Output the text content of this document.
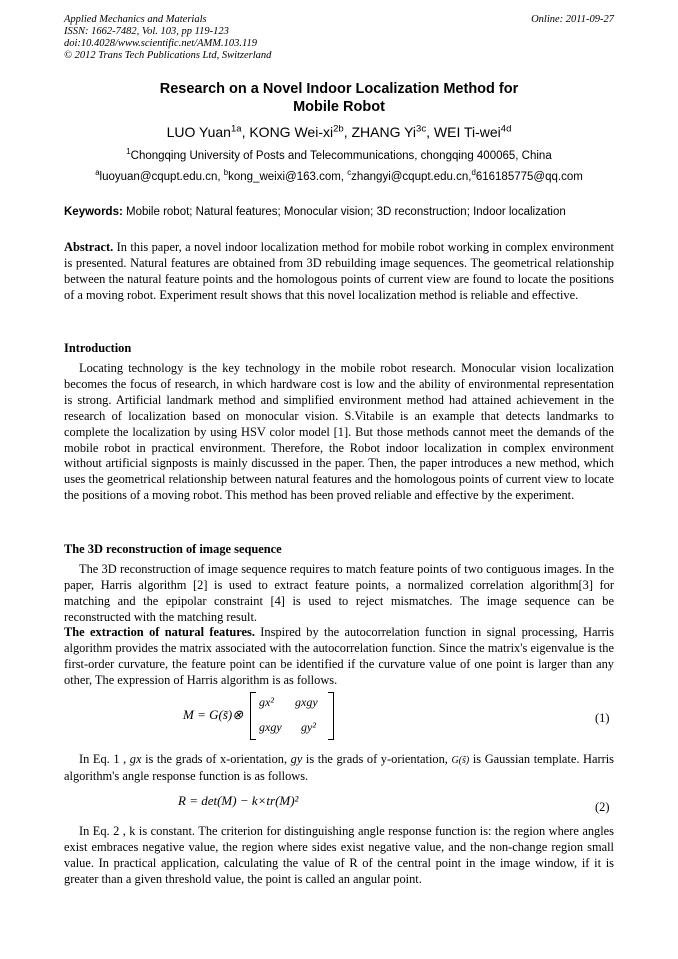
Applied Mechanics and Materials
ISSN: 1662-7482, Vol. 103, pp 119-123
doi:10.4028/www.scientific.net/AMM.103.119
© 2012 Trans Tech Publications Ltd, Switzerland
Online: 2011-09-27
Research on a Novel Indoor Localization Method for
Mobile Robot
LUO Yuan$^{1a}$, KONG Wei-$xi^{2b}$, ZHANG $Yi^{3c}$, WEI Ti-wei$^{4d}$
$^1$Chongqing University of Posts and Telecommunications, chongqing 400065, China
$^a$luoyuan@cqupt.edu.cn, $^b$kong_weixi@163.com, $^c$zhangyi@cqupt.edu.cn,$^d$616185775@qq.com
Keywords: Mobile robot; Natural features; Monocular vision; 3D reconstruction; Indoor localization
Abstract. In this paper, a novel indoor localization method for mobile robot working in complex environment is presented. Natural features are obtained from 3D rebuilding image sequences. The geometrical relationship between the natural feature points and the homologous points of current view are found to locate the positions of a moving robot. Experiment result shows that this novel localization method is reliable and effective.
Introduction
Locating technology is the key technology in the mobile robot research. Monocular vision localization becomes the focus of research, in which hardware cost is low and the ability of environmental representation is strong. Artificial landmark method and simplified environment method had attained achievement in the research of localization based on monocular vision. S.Vitabile is an example that detects landmarks to complete the localization by using HSV color model [1]. But those methods cannot meet the demands of the mobile robot in practical environment. Therefore, the Robot indoor localization in complex environment without artificial signposts is mainly discussed in the paper. Then, the paper introduces a new method, which uses the geometrical relationship between natural features and the homologous points of current view to locate the positions of a moving robot. This method has been proved reliable and effective by the experiment.
The 3D reconstruction of image sequence
The 3D reconstruction of image sequence requires to match feature points of two contiguous images. In the paper, Harris algorithm [2] is used to extract feature points, a normalized correlation algorithm[3] for matching and the epipolar constraint [4] is used to reject mismatches. The image sequence can be reconstructed with the matching result.
The extraction of natural features. Inspired by the autocorrelation function in signal processing, Harris algorithm provides the matrix associated with the autocorrelation function. Since the matrix's eigenvalue is the first-order curvature, the feature point can be identified if the curvature value of one point is larger than any other, The expression of Harris algorithm is as follows.
M = G(s̃)⊗
gx² gxgy
gxgy gy²
(1)
In Eq. 1 , gx is the grads of x-orientation, gy is the grads of y-orientation, G(s̃) is Gaussian template. Harris algorithm's angle response function is as follows.
R = det(M) − k×tr(M)²	(2)
In Eq. 2 , k is constant. The criterion for distinguishing angle response function is: the region where angles exist embraces negative value, the region where sides exist negative value, and the non-change region small value. In practical application, calculating the value of R of the central point in the image window, if it is greater than a given threshold value, the point is called an angular point.
